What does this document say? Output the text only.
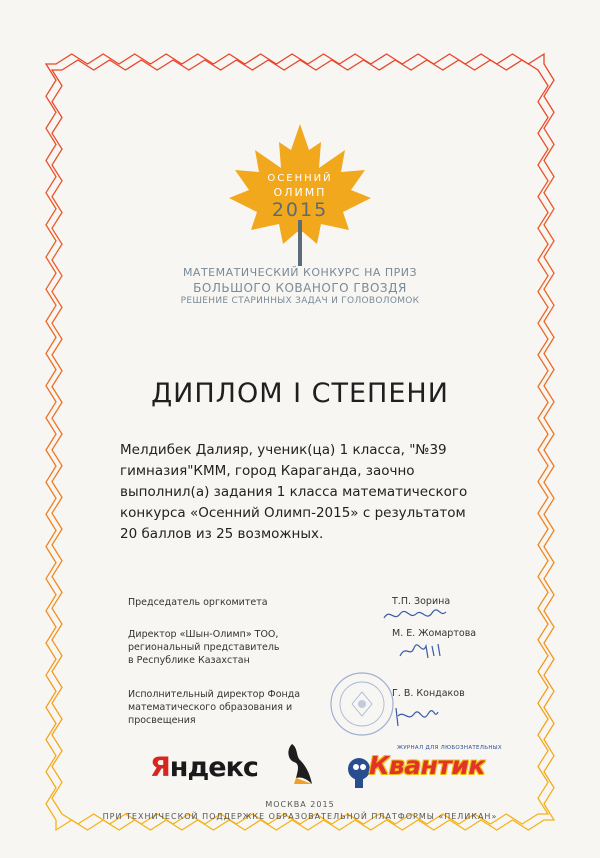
ОСЕННИЙ
ОЛИМП
2015
МАТЕМАТИЧЕСКИЙ КОНКУРС НА ПРИЗ
БОЛЬШОГО КОВАНОГО ГВОЗДЯ
РЕШЕНИЕ СТАРИННЫХ ЗАДАЧ И ГОЛОВОЛОМОК
ДИПЛОМ I СТЕПЕНИ
Мелдибек Далияр, ученик(ца) 1 класса, "№39
гимназия"КММ, город Караганда, заочно
выполнил(а) задания 1 класса математического
конкурса «Осенний Олимп-2015» с результатом
20 баллов из 25 возможных.
Председатель оргкомитета	Т.П. Зорина
Директор «Шын-Олимп» ТОО,
региональный представитель
в Республике Казахстан
М. Е. Жомартова
Исполнительный директор Фонда
математического образования и
просвещения
Г. В. Кондаков
Яндекс
ЖУРНАЛ ДЛЯ ЛЮБОЗНАТЕЛЬНЫХ
Квантик
МОСКВА 2015
ПРИ ТЕХНИЧЕСКОЙ ПОДДЕРЖКЕ ОБРАЗОВАТЕЛЬНОЙ ПЛАТФОРМЫ «ПЕЛИКАН»
